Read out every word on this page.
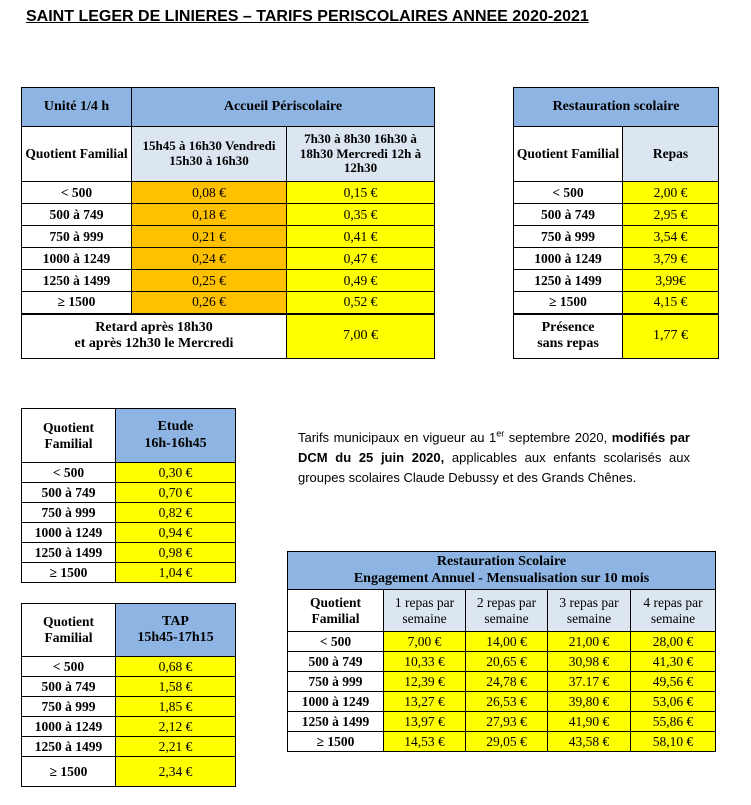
SAINT LEGER DE LINIERES – TARIFS PERISCOLAIRES ANNEE 2020-2021
Unité 1/4 h	Accueil Périscolaire	
Quotient Familial	15h45 à 16h30 Vendredi 15h30 à 16h30	7h30 à 8h30 16h30 à 18h30 Mercredi 12h à 12h30
< 500	0,08 €	0,15 €
500 à 749	0,18 €	0,35 €
750 à 999	0,21 €	0,41 €
1000 à 1249	0,24 €	0,47 €
1250 à 1499	0,25 €	0,49 €
≥ 1500	0,26 €	0,52 €
Retard après 18h30
et après 12h30 le Mercredi		7,00 €
Restauration scolaire	
Quotient Familial	Repas
< 500	2,00 €
500 à 749	2,95 €
750 à 999	3,54 €
1000 à 1249	3,79 €
1250 à 1499	3,99€
≥ 1500	4,15 €
Présence
sans repas	1,77 €
Quotient Familial	Etude
16h-16h45
< 500	0,30 €
500 à 749	0,70 €
750 à 999	0,82 €
1000 à 1249	0,94 €
1250 à 1499	0,98 €
≥ 1500	1,04 €
Quotient Familial	TAP
15h45-17h15
< 500	0,68 €
500 à 749	1,58 €
750 à 999	1,85 €
1000 à 1249	2,12 €
1250 à 1499	2,21 €
≥ 1500	2,34 €
Tarifs municipaux en vigueur au 1er septembre 2020, modifiés par DCM du 25 juin 2020, applicables aux enfants scolarisés aux groupes scolaires Claude Debussy et des Grands Chênes.
Restauration Scolaire
Engagement Annuel - Mensualisation sur 10 mois				
Quotient Familial	1 repas par semaine	2 repas par semaine	3 repas par semaine	4 repas par semaine
< 500	7,00 €	14,00 €	21,00 €	28,00 €
500 à 749	10,33 €	20,65 €	30,98 €	41,30 €
750 à 999	12,39 €	24,78 €	37.17 €	49,56 €
1000 à 1249	13,27 €	26,53 €	39,80 €	53,06 €
1250 à 1499	13,97 €	27,93 €	41,90 €	55,86 €
≥ 1500	14,53 €	29,05 €	43,58 €	58,10 €
